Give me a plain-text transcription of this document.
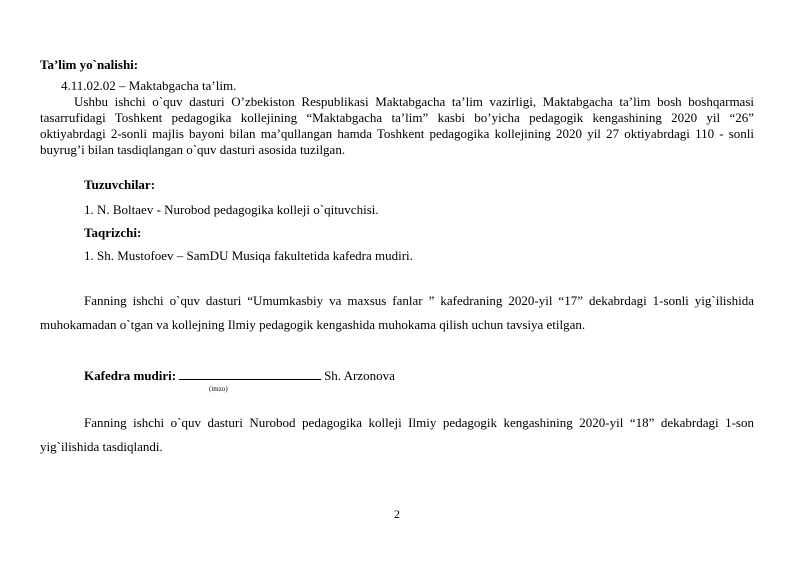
Ta’lim yo`nalishi:
4.11.02.02 – Maktabgacha ta’lim.
Ushbu ishchi o`quv dasturi O’zbekiston Respublikasi Maktabgacha ta’lim vazirligi, Maktabgacha ta’lim bosh boshqarmasi
tasarrufidagi Toshkent pedagogika kollejining “Maktabgacha ta’lim” kasbi bo’yicha pedagogik kengashining 2020 yil “26”
oktiyabrdagi 2-sonli majlis bayoni bilan ma’qullangan hamda Toshkent pedagogika kollejining 2020 yil 27 oktiyabrdagi 110 - sonli
buyrug’i bilan tasdiqlangan o`quv dasturi asosida tuzilgan.
Tuzuvchilar:
1. N. Boltaev - Nurobod pedagogika kolleji o`qituvchisi.
Taqrizchi:
1. Sh. Mustofoev – SamDU Musiqa fakultetida kafedra mudiri.
Fanning ishchi o`quv dasturi “Umumkasbiy va maxsus fanlar ” kafedraning 2020-yil “17” dekabrdagi 1-sonli yig`ilishida
muhokamadan o`tgan va kollejning Ilmiy pedagogik kengashida muhokama qilish uchun tavsiya etilgan.
Kafedra mudiri:	Sh. Arzonova
(imzo)
Fanning ishchi o`quv dasturi Nurobod pedagogika kolleji Ilmiy pedagogik kengashining 2020-yil “18” dekabrdagi 1-son
yig`ilishida tasdiqlandi.
2
